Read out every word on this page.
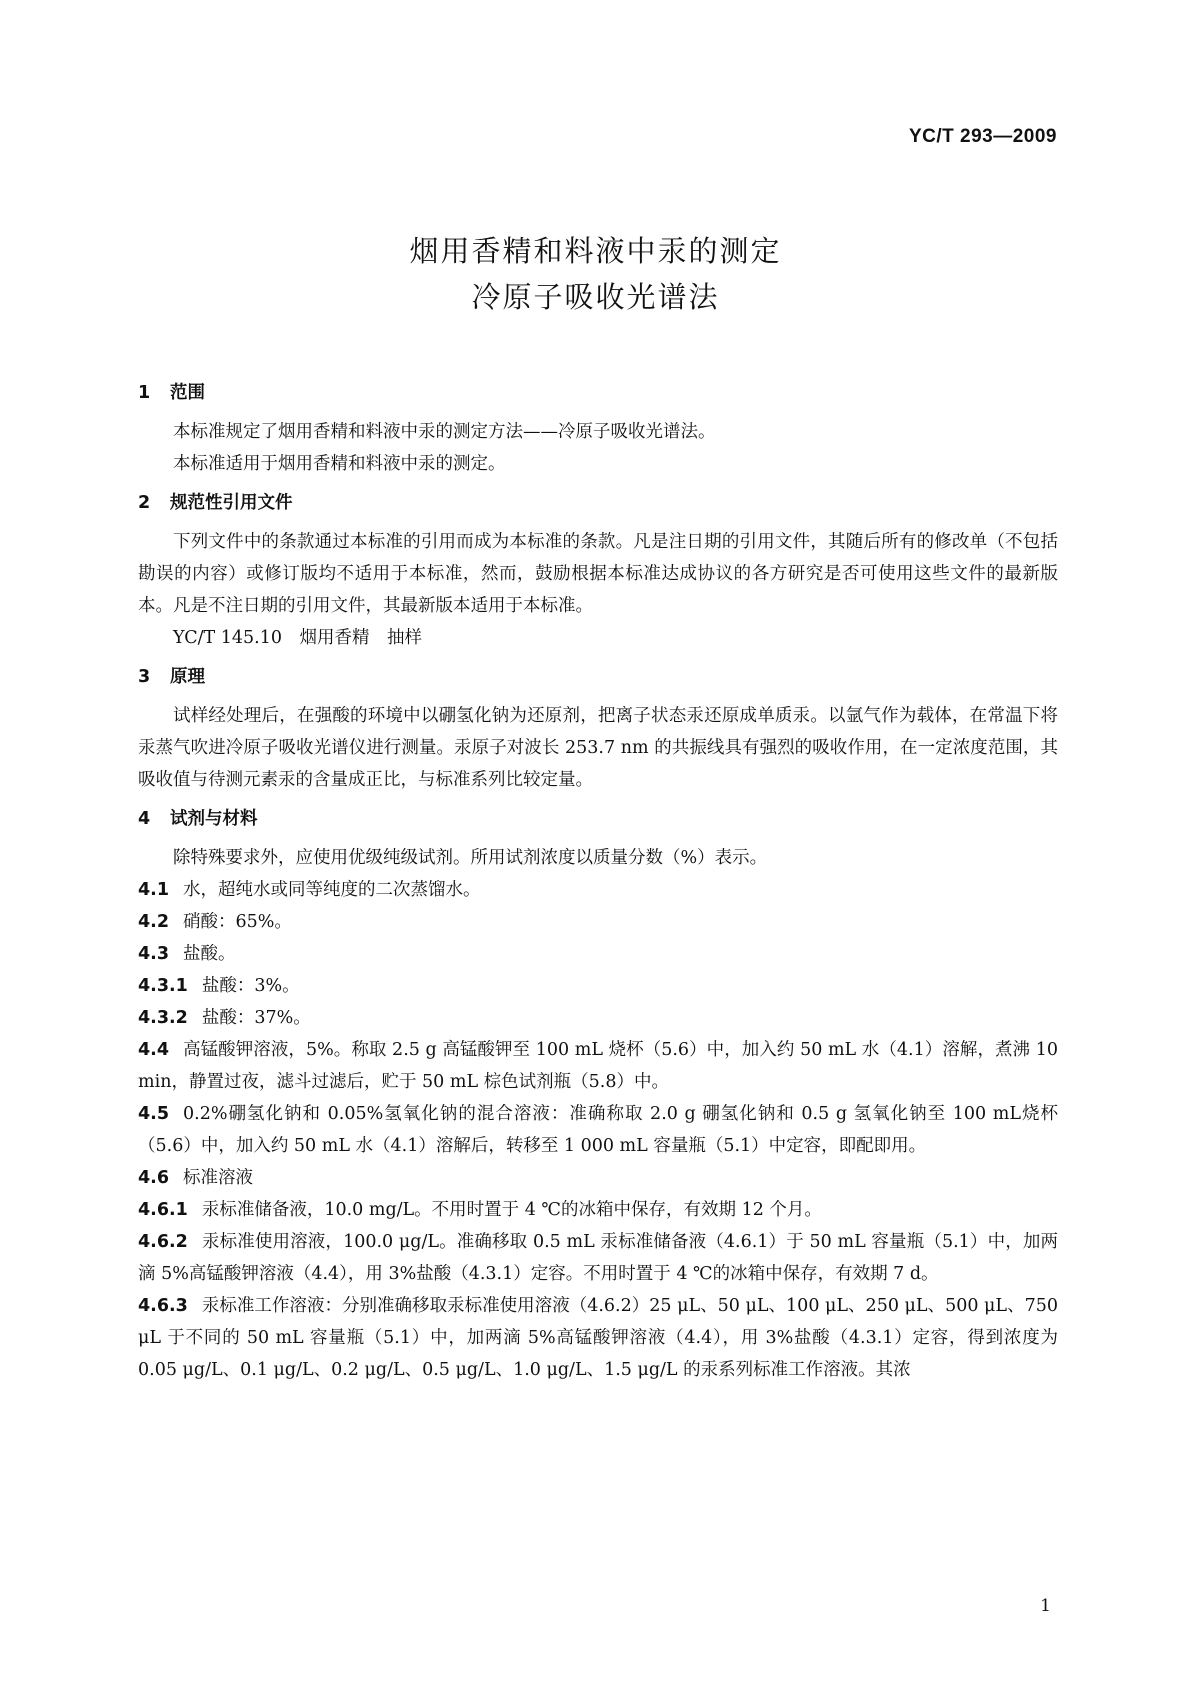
YC/T 293—2009
烟用香精和料液中汞的测定
冷原子吸收光谱法
1 范围
本标准规定了烟用香精和料液中汞的测定方法——冷原子吸收光谱法。
本标准适用于烟用香精和料液中汞的测定。
2 规范性引用文件
下列文件中的条款通过本标准的引用而成为本标准的条款。凡是注日期的引用文件，其随后所有的修改单（不包括勘误的内容）或修订版均不适用于本标准，然而，鼓励根据本标准达成协议的各方研究是否可使用这些文件的最新版本。凡是不注日期的引用文件，其最新版本适用于本标准。
YC/T 145.10　烟用香精　抽样
3 原理
试样经处理后，在强酸的环境中以硼氢化钠为还原剂，把离子状态汞还原成单质汞。以氩气作为载体，在常温下将汞蒸气吹进冷原子吸收光谱仪进行测量。汞原子对波长 253.7 nm 的共振线具有强烈的吸收作用，在一定浓度范围，其吸收值与待测元素汞的含量成正比，与标准系列比较定量。
4 试剂与材料
除特殊要求外，应使用优级纯级试剂。所用试剂浓度以质量分数（%）表示。
4.1 水，超纯水或同等纯度的二次蒸馏水。
4.2 硝酸：65%。
4.3 盐酸。
4.3.1 盐酸：3%。
4.3.2 盐酸：37%。
4.4 高锰酸钾溶液，5%。称取 2.5 g 高锰酸钾至 100 mL 烧杯（5.6）中，加入约 50 mL 水（4.1）溶解，煮沸 10 min，静置过夜，滤斗过滤后，贮于 50 mL 棕色试剂瓶（5.8）中。
4.5 0.2%硼氢化钠和 0.05%氢氧化钠的混合溶液：准确称取 2.0 g 硼氢化钠和 0.5 g 氢氧化钠至 100 mL烧杯（5.6）中，加入约 50 mL 水（4.1）溶解后，转移至 1 000 mL 容量瓶（5.1）中定容，即配即用。
4.6 标准溶液
4.6.1 汞标准储备液，10.0 mg/L。不用时置于 4 ℃的冰箱中保存，有效期 12 个月。
4.6.2 汞标准使用溶液，100.0 μg/L。准确移取 0.5 mL 汞标准储备液（4.6.1）于 50 mL 容量瓶（5.1）中，加两滴 5%高锰酸钾溶液（4.4），用 3%盐酸（4.3.1）定容。不用时置于 4 ℃的冰箱中保存，有效期 7 d。
4.6.3 汞标准工作溶液：分别准确移取汞标准使用溶液（4.6.2）25 μL、50 μL、100 μL、250 μL、500 μL、750 μL 于不同的 50 mL 容量瓶（5.1）中，加两滴 5%高锰酸钾溶液（4.4），用 3%盐酸（4.3.1）定容，得到浓度为 0.05 μg/L、0.1 μg/L、0.2 μg/L、0.5 μg/L、1.0 μg/L、1.5 μg/L 的汞系列标准工作溶液。其浓
1
